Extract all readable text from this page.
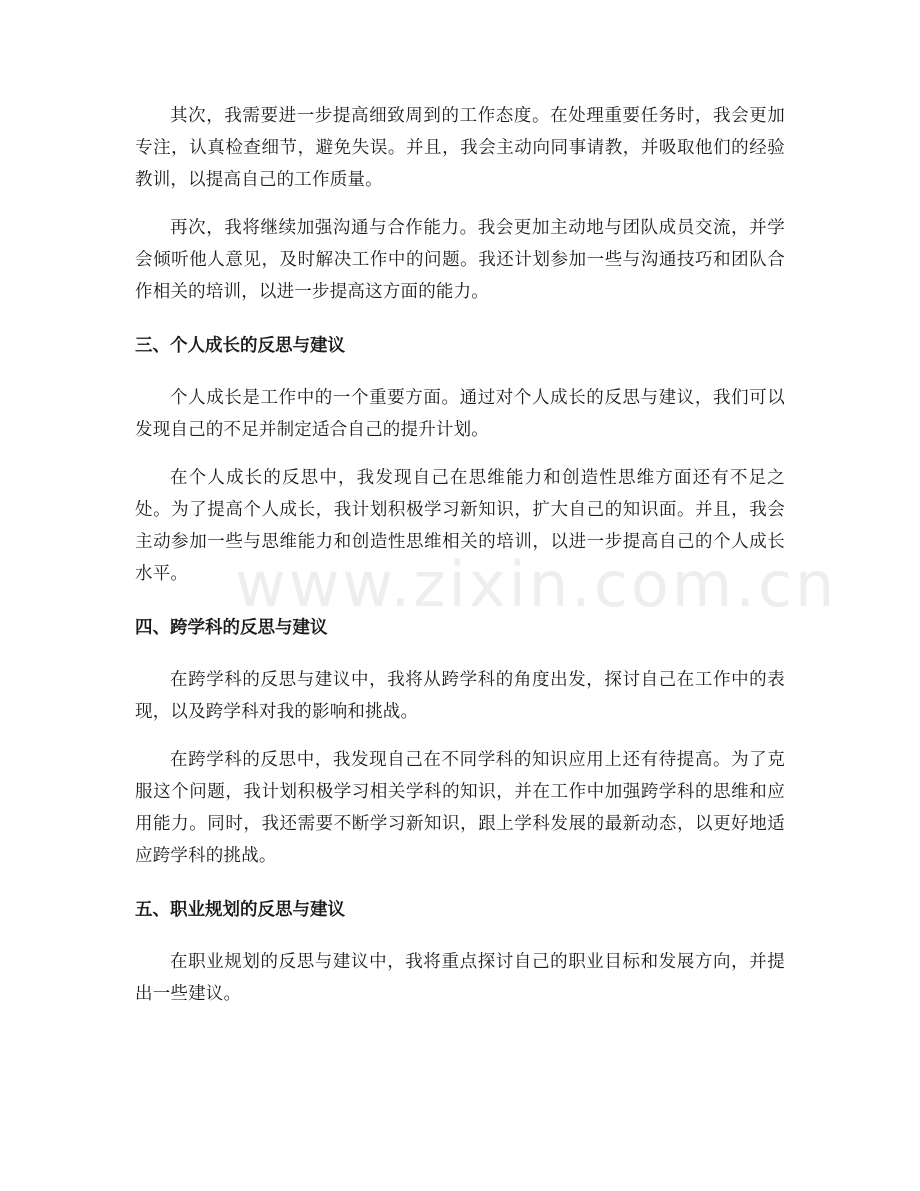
其次，我需要进一步提高细致周到的工作态度。在处理重要任务时，我会更加专注，认真检查细节，避免失误。并且，我会主动向同事请教，并吸取他们的经验教训，以提高自己的工作质量。

再次，我将继续加强沟通与合作能力。我会更加主动地与团队成员交流，并学会倾听他人意见，及时解决工作中的问题。我还计划参加一些与沟通技巧和团队合作相关的培训，以进一步提高这方面的能力。

三、个人成长的反思与建议

个人成长是工作中的一个重要方面。通过对个人成长的反思与建议，我们可以发现自己的不足并制定适合自己的提升计划。

在个人成长的反思中，我发现自己在思维能力和创造性思维方面还有不足之处。为了提高个人成长，我计划积极学习新知识，扩大自己的知识面。并且，我会主动参加一些与思维能力和创造性思维相关的培训，以进一步提高自己的个人成长水平。

四、跨学科的反思与建议

在跨学科的反思与建议中，我将从跨学科的角度出发，探讨自己在工作中的表现，以及跨学科对我的影响和挑战。

在跨学科的反思中，我发现自己在不同学科的知识应用上还有待提高。为了克服这个问题，我计划积极学习相关学科的知识，并在工作中加强跨学科的思维和应用能力。同时，我还需要不断学习新知识，跟上学科发展的最新动态，以更好地适应跨学科的挑战。

五、职业规划的反思与建议

在职业规划的反思与建议中，我将重点探讨自己的职业目标和发展方向，并提出一些建议。

www.zixin.com.cn
